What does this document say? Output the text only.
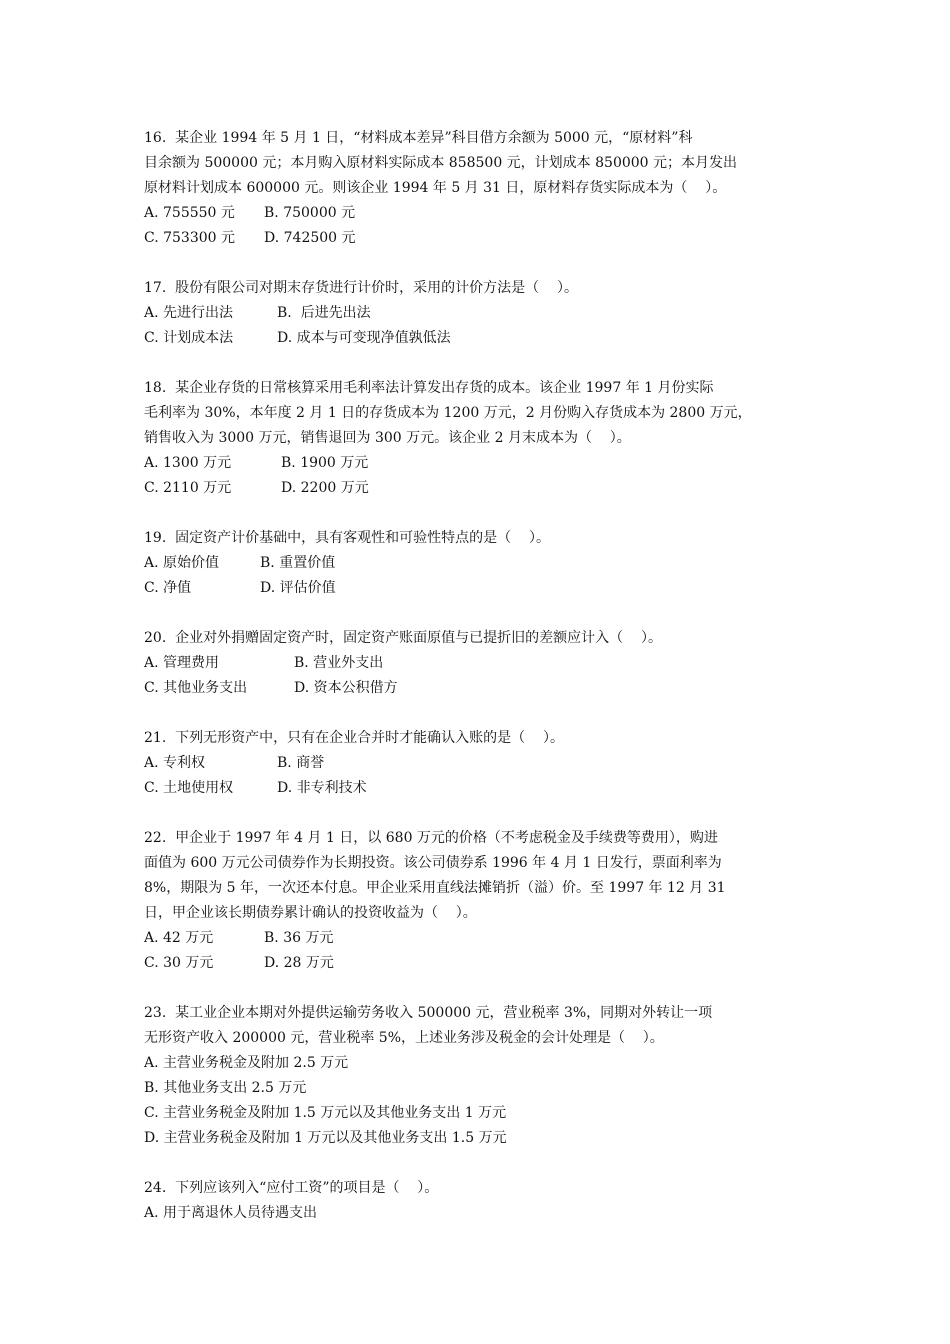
16.  某企业 1994 年 5 月 1 日，“材料成本差异”科目借方余额为 5000 元，“原材料”科
目余额为 500000 元；本月购入原材料实际成本 858500 元，计划成本 850000 元；本月发出
原材料计划成本 600000 元。则该企业 1994 年 5 月 31 日，原材料存货实际成本为（    ）。
A. 755550 元	B. 750000 元
C. 753300 元	D. 742500 元
17.  股份有限公司对期末存货进行计价时，采用的计价方法是（    ）。
A. 先进行出法	B.  后进先出法
C. 计划成本法	D. 成本与可变现净值孰低法
18.  某企业存货的日常核算采用毛利率法计算发出存货的成本。该企业 1997 年 1 月份实际
毛利率为 30%，本年度 2 月 1 日的存货成本为 1200 万元，2 月份购入存货成本为 2800 万元，
销售收入为 3000 万元，销售退回为 300 万元。该企业 2 月末成本为（    ）。
A. 1300 万元	B. 1900 万元
C. 2110 万元	D. 2200 万元
19.  固定资产计价基础中，具有客观性和可验性特点的是（    ）。
A. 原始价值	B. 重置价值
C. 净值	D. 评估价值
20.  企业对外捐赠固定资产时，固定资产账面原值与已提折旧的差额应计入（    ）。
A. 管理费用	B. 营业外支出
C. 其他业务支出	D. 资本公积借方
21.  下列无形资产中，只有在企业合并时才能确认入账的是（    ）。
A. 专利权	B. 商誉
C. 土地使用权	D. 非专利技术
22.  甲企业于 1997 年 4 月 1 日，以 680 万元的价格（不考虑税金及手续费等费用），购进
面值为 600 万元公司债券作为长期投资。该公司债券系 1996 年 4 月 1 日发行，票面利率为
8%，期限为 5 年，一次还本付息。甲企业采用直线法摊销折（溢）价。至 1997 年 12 月 31
日，甲企业该长期债券累计确认的投资收益为（    ）。
A. 42 万元	B. 36 万元
C. 30 万元	D. 28 万元
23.  某工业企业本期对外提供运输劳务收入 500000 元，营业税率 3%，同期对外转让一项
无形资产收入 200000 元，营业税率 5%，上述业务涉及税金的会计处理是（    ）。
A. 主营业务税金及附加 2.5 万元
B. 其他业务支出 2.5 万元
C. 主营业务税金及附加 1.5 万元以及其他业务支出 1 万元
D. 主营业务税金及附加 1 万元以及其他业务支出 1.5 万元
24.  下列应该列入“应付工资”的项目是（    ）。
A. 用于离退休人员待遇支出
